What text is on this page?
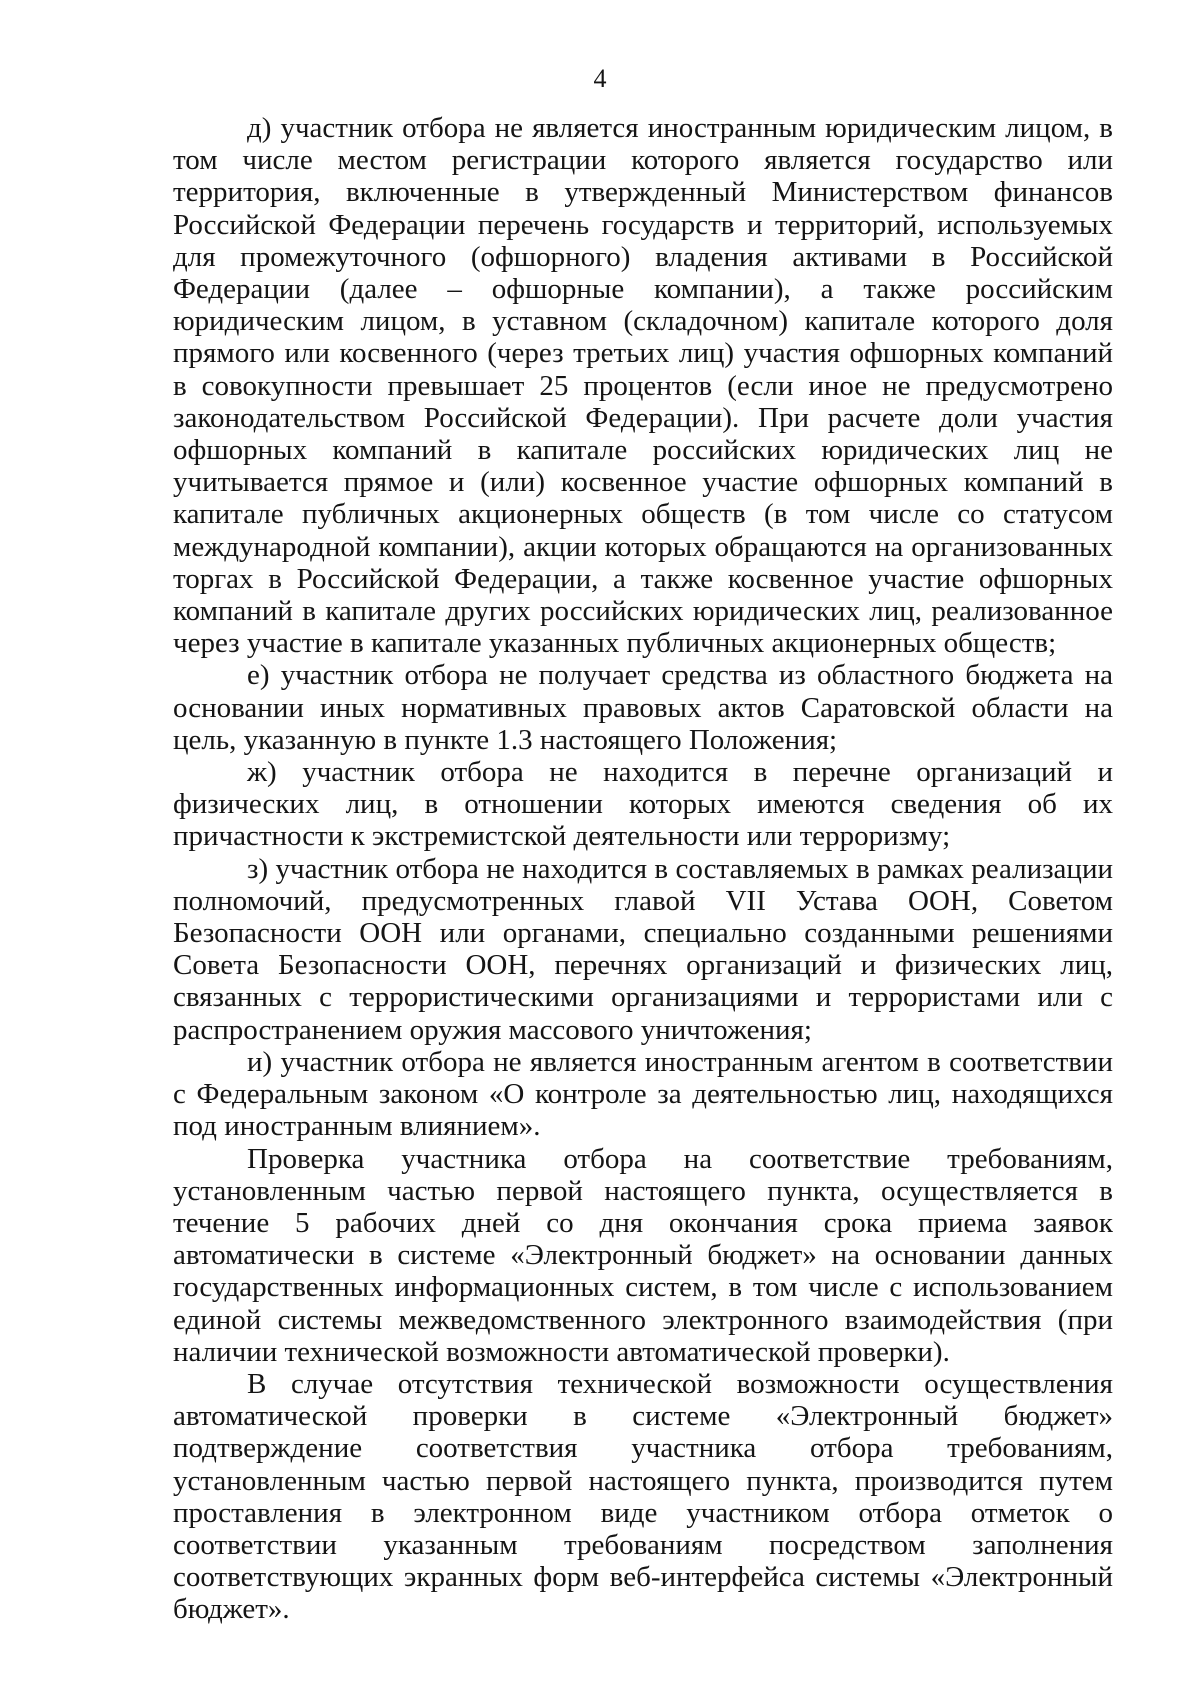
4

д) участник отбора не является иностранным юридическим лицом, в том числе местом регистрации которого является государство или территория, включенные в утвержденный Министерством финансов Российской Федерации перечень государств и территорий, используемых для промежуточного (офшорного) владения активами в Российской Федерации (далее – офшорные компании), а также российским юридическим лицом, в уставном (складочном) капитале которого доля прямого или косвенного (через третьих лиц) участия офшорных компаний в совокупности превышает 25 процентов (если иное не предусмотрено законодательством Российской Федерации). При расчете доли участия офшорных компаний в капитале российских юридических лиц не учитывается прямое и (или) косвенное участие офшорных компаний в капитале публичных акционерных обществ (в том числе со статусом международной компании), акции которых обращаются на организованных торгах в Российской Федерации, а также косвенное участие офшорных компаний в капитале других российских юридических лиц, реализованное через участие в капитале указанных публичных акционерных обществ;

е) участник отбора не получает средства из областного бюджета на основании иных нормативных правовых актов Саратовской области на цель, указанную в пункте 1.3 настоящего Положения;

ж) участник отбора не находится в перечне организаций и физических лиц, в отношении которых имеются сведения об их причастности к экстремистской деятельности или терроризму;

з) участник отбора не находится в составляемых в рамках реализации полномочий, предусмотренных главой VII Устава ООН, Советом Безопасности ООН или органами, специально созданными решениями Совета Безопасности ООН, перечнях организаций и физических лиц, связанных с террористическими организациями и террористами или с распространением оружия массового уничтожения;

и) участник отбора не является иностранным агентом в соответствии с Федеральным законом «О контроле за деятельностью лиц, находящихся под иностранным влиянием».

Проверка участника отбора на соответствие требованиям, установленным частью первой настоящего пункта, осуществляется в течение 5 рабочих дней со дня окончания срока приема заявок автоматически в системе «Электронный бюджет» на основании данных государственных информационных систем, в том числе с использованием единой системы межведомственного электронного взаимодействия (при наличии технической возможности автоматической проверки).

В случае отсутствия технической возможности осуществления автоматической проверки в системе «Электронный бюджет» подтверждение соответствия участника отбора требованиям, установленным частью первой настоящего пункта, производится путем проставления в электронном виде участником отбора отметок о соответствии указанным требованиям посредством заполнения соответствующих экранных форм веб-интерфейса системы «Электронный бюджет».
